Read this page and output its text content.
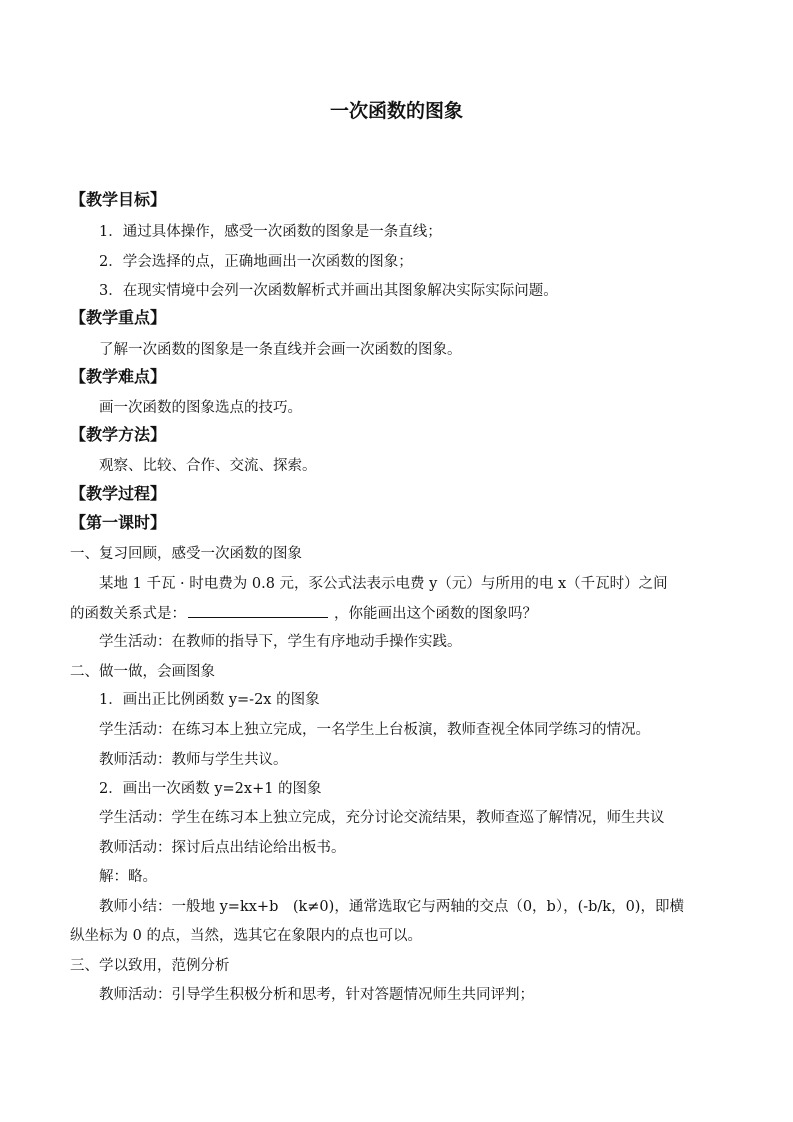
一次函数的图象
【教学目标】
1．通过具体操作，感受一次函数的图象是一条直线；
2．学会选择的点，正确地画出一次函数的图象；
3．在现实情境中会列一次函数解析式并画出其图象解决实际实际问题。
【教学重点】
了解一次函数的图象是一条直线并会画一次函数的图象。
【教学难点】
画一次函数的图象选点的技巧。
【教学方法】
观察、比较、合作、交流、探索。
【教学过程】
【第一课时】
一、复习回顾，感受一次函数的图象
某地 1 千瓦 · 时电费为 0.8 元，豕公式法表示电费 y（元）与所用的电 x（千瓦时）之间
的函数关系式是：	，你能画出这个函数的图象吗？
学生活动：在教师的指导下，学生有序地动手操作实践。
二、做一做，会画图象
1．画出正比例函数 y=-2x 的图象
学生活动：在练习本上独立完成，一名学生上台板演，教师查视全体同学练习的情况。
教师活动：教师与学生共议。
2．画出一次函数 y=2x+1 的图象
学生活动：学生在练习本上独立完成，充分讨论交流结果，教师查巡了解情况，师生共议
教师活动：探讨后点出结论给出板书。
解：略。
教师小结：一般地 y=kx+b　(k≠0)，通常选取它与两轴的交点（0，b），(-b/k，0)，即横
纵坐标为 0 的点，当然，选其它在象限内的点也可以。
三、学以致用，范例分析
教师活动：引导学生积极分析和思考，针对答题情况师生共同评判；
